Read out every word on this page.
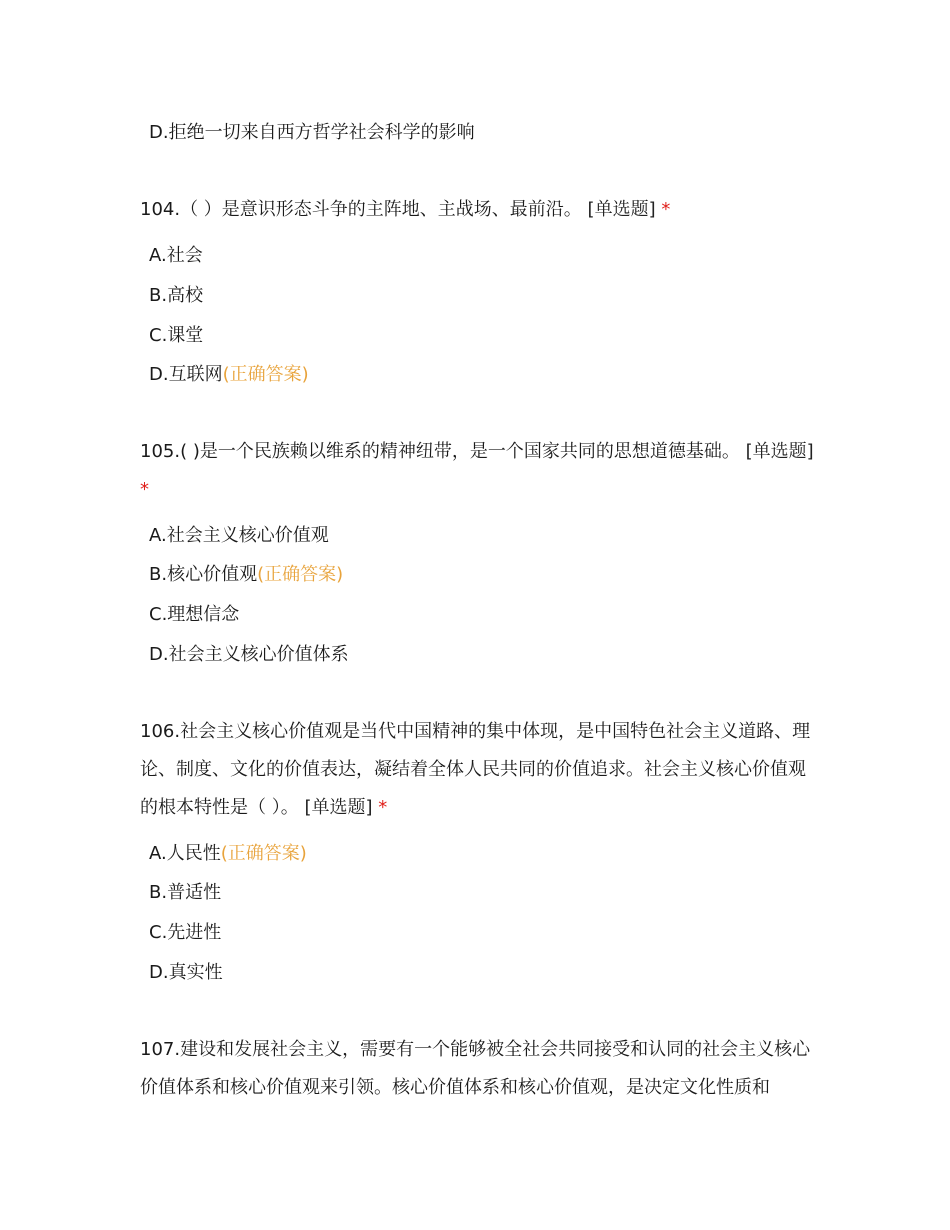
D.拒绝一切来自西方哲学社会科学的影响
104.（ ）是意识形态斗争的主阵地、主战场、最前沿。 [单选题] *
A.社会
B.高校
C.课堂
D.互联网(正确答案)
105.( )是一个民族赖以维系的精神纽带，是一个国家共同的思想道德基础。 [单选题] *
A.社会主义核心价值观
B.核心价值观(正确答案)
C.理想信念
D.社会主义核心价值体系
106.社会主义核心价值观是当代中国精神的集中体现，是中国特色社会主义道路、理论、制度、文化的价值表达，凝结着全体人民共同的价值追求。社会主义核心价值观的根本特性是（ ）。 [单选题] *
A.人民性(正确答案)
B.普适性
C.先进性
D.真实性
107.建设和发展社会主义，需要有一个能够被全社会共同接受和认同的社会主义核心价值体系和核心价值观来引领。核心价值体系和核心价值观，是决定文化性质和
